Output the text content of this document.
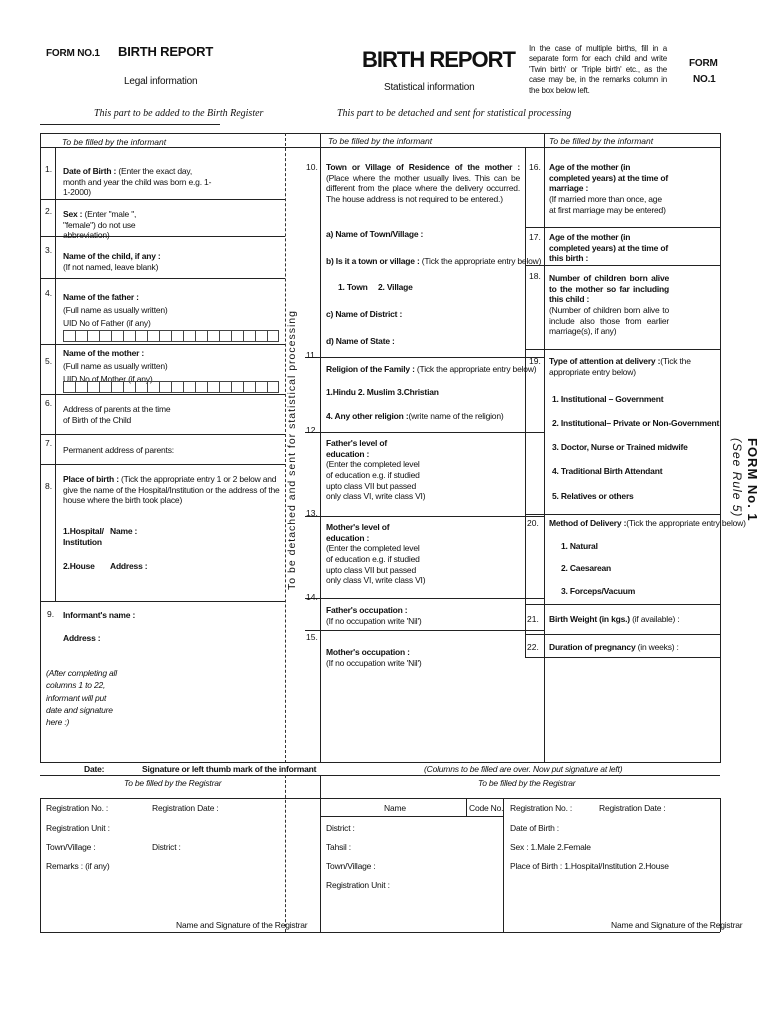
FORM NO.1 BIRTH REPORT
Legal information
This part to be added to the Birth Register
BIRTH REPORT
Statistical information
This part to be detached and sent for statistical processing
In the case of multiple births, fill in a separate form for each child and write 'Twin birth' or 'Triple birth' etc., as the case may be, in the remarks column in the box below left.
FORM
NO.1
To be filled by the informant	To be filled by the informant	To be filled by the informant
To be detached and sent for statistical processing	FORM No. 1
(See Rule 5)
1. Date of Birth : (Enter the exact day, month and year the child was born e.g. 1-1-2000)
2. Sex : (Enter "male ", "female") do not use abbreviation)
3.
Name of the child, if any :
(If not named, leave blank)
4. Name of the father :
(Full name as usually written)
UID No of Father (if any)
5.
Name of the mother :
(Full name as usually written)
UID No of Mother (if any)
6.
Address of parents at the time of Birth of the Child
7.
Permanent address of parents:
8.
Place of birth : (Tick the appropriate entry 1 or 2 below and give the name of the Hospital/Institution or the address of the house where the birth took place)
1.Hospital/ Institution
Name :
2.House Address :
9. Informant's name :
Address :
(After completing all columns 1 to 22, informant will put date and signature here :)
10. Town or Village of Residence of the mother : (Place where the mother usually lives. This can be different from the place where the delivery occurred. The house address is not required to be entered.)
a) Name of Town/Village :
b) Is it a town or village : (Tick the appropriate entry below)
1. Town 2. Village
c) Name of District :
d) Name of State :
11.
Religion of the Family : (Tick the appropriate entry below)
1.Hindu 2. Muslim 3.Christian
4. Any other religion :(write name of the religion)
12.
Father's level of education :
(Enter the completed level of education e.g. if studied upto class VII but passed only class VI, write class VI)
13.
Mother's level of education :
(Enter the completed level of education e.g. if studied upto class VII but passed only class VI, write class VI)
14.
Father's occupation :
(If no occupation write 'Nil')
15.
Mother's occupation :
(If no occupation write 'Nil')
16. Age of the mother (in completed years) at the time of marriage :
(If married more than once, age at first marriage may be entered)
17. Age of the mother (in completed years) at the time of this birth :
18. Number of children born alive to the mother so far including this child :
(Number of children born alive to include also those from earlier marriage(s), if any)
19. Type of attention at delivery :(Tick the appropriate entry below)
1. Institutional – Government
2. Institutional– Private or Non-Government
3. Doctor, Nurse or Trained midwife
4. Traditional Birth Attendant
5. Relatives or others
20. Method of Delivery :(Tick the appropriate entry below)
1. Natural
2. Caesarean
3. Forceps/Vacuum
21. Birth Weight (in kgs.) (if available) :
22. Duration of pregnancy (in weeks) :
Date:	Signature or left thumb mark of the informant	(Columns to be filled are over. Now put signature at left)
To be filled by the Registrar	To be filled by the Registrar
Registration No. :	Registration Date :
Registration Unit :
Town/Village :	District :
Remarks : (if any)
Name and Signature of the Registrar
Name	Code No.
District :
Tahsil :
Town/Village :
Registration Unit :
Registration No. :	Registration Date :
Date of Birth :
Sex : 1.Male 2.Female
Place of Birth : 1.Hospital/Institution 2.House
Name and Signature of the Registrar
